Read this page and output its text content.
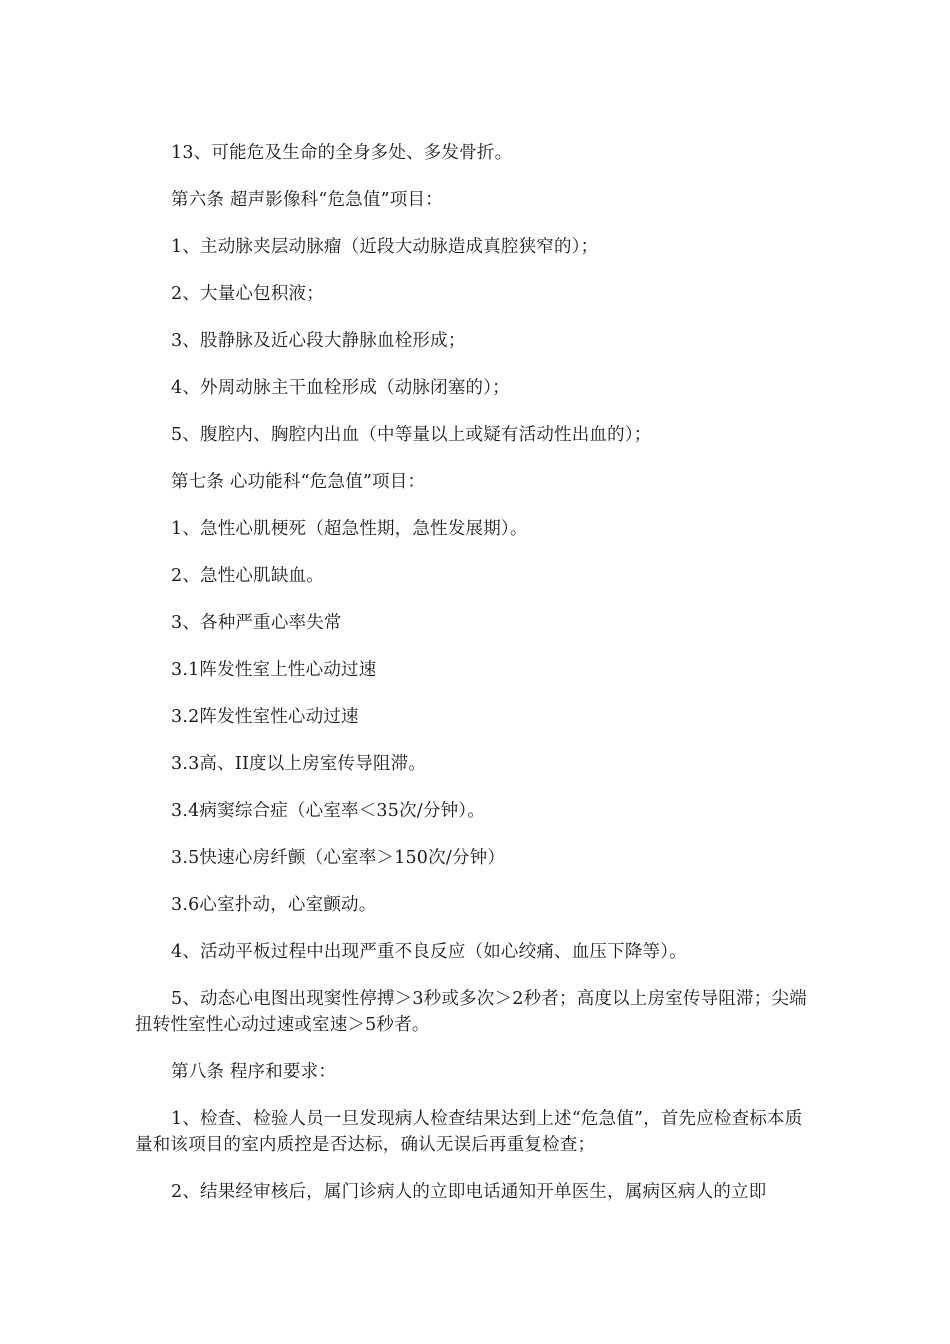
13、可能危及生命的全身多处、多发骨折。

第六条 超声影像科“危急值”项目：

1、主动脉夹层动脉瘤（近段大动脉造成真腔狭窄的）；

2、大量心包积液；

3、股静脉及近心段大静脉血栓形成；

4、外周动脉主干血栓形成（动脉闭塞的）；

5、腹腔内、胸腔内出血（中等量以上或疑有活动性出血的）；

第七条 心功能科“危急值”项目：

1、急性心肌梗死（超急性期，急性发展期）。

2、急性心肌缺血。

3、各种严重心率失常

3.1阵发性室上性心动过速

3.2阵发性室性心动过速

3.3高、II度以上房室传导阻滞。

3.4病窦综合症（心室率＜35次/分钟）。

3.5快速心房纤颤（心室率＞150次/分钟）

3.6心室扑动，心室颤动。

4、活动平板过程中出现严重不良反应（如心绞痛、血压下降等）。

5、动态心电图出现窦性停搏＞3秒或多次＞2秒者；高度以上房室传导阻滞；尖端扭转性室性心动过速或室速＞5秒者。

第八条 程序和要求：

1、检查、检验人员一旦发现病人检查结果达到上述“危急值”，首先应检查标本质量和该项目的室内质控是否达标，确认无误后再重复检查；

2、结果经审核后，属门诊病人的立即电话通知开单医生，属病区病人的立即
